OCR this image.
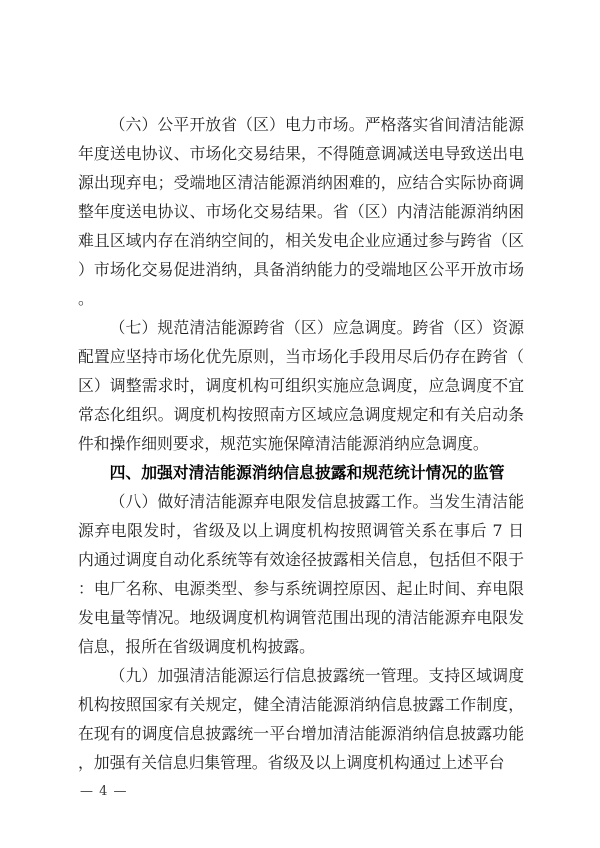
（六）公平开放省（区）电力市场。严格落实省间清洁能源年度送电协议、市场化交易结果，不得随意调减送电导致送出电源出现弃电；受端地区清洁能源消纳困难的，应结合实际协商调整年度送电协议、市场化交易结果。省（区）内清洁能源消纳困难且区域内存在消纳空间的，相关发电企业应通过参与跨省（区）市场化交易促进消纳，具备消纳能力的受端地区公平开放市场。

（七）规范清洁能源跨省（区）应急调度。跨省（区）资源配置应坚持市场化优先原则，当市场化手段用尽后仍存在跨省（区）调整需求时，调度机构可组织实施应急调度，应急调度不宜常态化组织。调度机构按照南方区域应急调度规定和有关启动条件和操作细则要求，规范实施保障清洁能源消纳应急调度。

四、加强对清洁能源消纳信息披露和规范统计情况的监管

（八）做好清洁能源弃电限发信息披露工作。当发生清洁能源弃电限发时，省级及以上调度机构按照调管关系在事后 7 日内通过调度自动化系统等有效途径披露相关信息，包括但不限于：电厂名称、电源类型、参与系统调控原因、起止时间、弃电限发电量等情况。地级调度机构调管范围出现的清洁能源弃电限发信息，报所在省级调度机构披露。

（九）加强清洁能源运行信息披露统一管理。支持区域调度机构按照国家有关规定，健全清洁能源消纳信息披露工作制度，在现有的调度信息披露统一平台增加清洁能源消纳信息披露功能，加强有关信息归集管理。省级及以上调度机构通过上述平台

— 4 —
